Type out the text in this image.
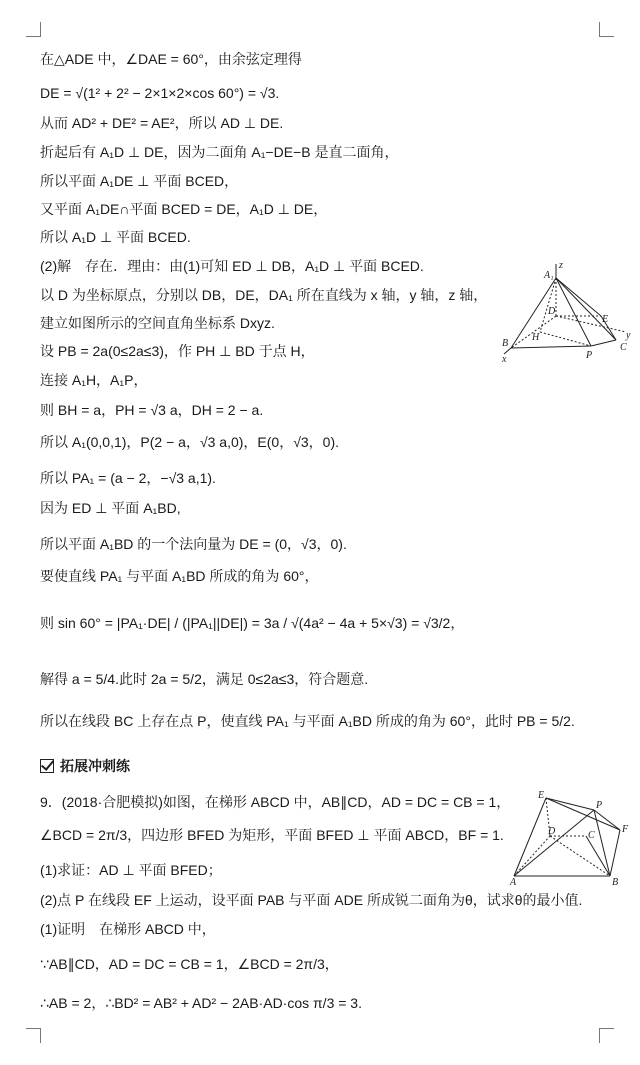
在△ADE 中，∠DAE = 60°，由余弦定理得
DE = √(1² + 2² − 2×1×2×cos 60°) = √3.
从而 AD² + DE² = AE²，所以 AD ⊥ DE.
折起后有 A₁D ⊥ DE，因为二面角 A₁−DE−B 是直二面角，
所以平面 A₁DE ⊥ 平面 BCED，
又平面 A₁DE∩平面 BCED = DE，A₁D ⊥ DE，
所以 A₁D ⊥ 平面 BCED.
(2)解　存在．理由：由(1)可知 ED ⊥ DB，A₁D ⊥ 平面 BCED.
以 D 为坐标原点，分别以 DB，DE，DA₁ 所在直线为 x 轴，y 轴，z 轴，
建立如图所示的空间直角坐标系 Dxyz.
设 PB = 2a(0≤2a≤3)，作 PH ⊥ BD 于点 H，
连接 A₁H，A₁P，
则 BH = a，PH = √3 a，DH = 2 − a.
所以 A₁(0,0,1)，P(2 − a，√3 a,0)，E(0，√3，0).
所以 PA₁ = (a − 2，−√3 a,1).
因为 ED ⊥ 平面 A₁BD,
所以平面 A₁BD 的一个法向量为 DE = (0，√3，0).
要使直线 PA₁ 与平面 A₁BD 所成的角为 60°，
则 sin 60° = |PA₁·DE| / (|PA₁||DE|) = 3a / √(4a² − 4a + 5×√3) = √3/2，
解得 a = 5/4.此时 2a = 5/2，满足 0≤2a≤3，符合题意.
所以在线段 BC 上存在点 P，使直线 PA₁ 与平面 A₁BD 所成的角为 60°，此时 PB = 5/2.
A₁
z
D
E
H
B
x	P
C
y
拓展冲刺练
9．(2018·合肥模拟)如图，在梯形 ABCD 中，AB∥CD，AD = DC = CB = 1，
∠BCD = 2π/3，四边形 BFED 为矩形，平面 BFED ⊥ 平面 ABCD，BF = 1.
(1)求证：AD ⊥ 平面 BFED；
(2)点 P 在线段 EF 上运动，设平面 PAB 与平面 ADE 所成锐二面角为θ，试求θ的最小值.
(1)证明　在梯形 ABCD 中，
∵AB∥CD，AD = DC = CB = 1，∠BCD = 2π/3，
∴AB = 2，∴BD² = AB² + AD² − 2AB·AD·cos π/3 = 3.
E
P
F
D	C
A	B
